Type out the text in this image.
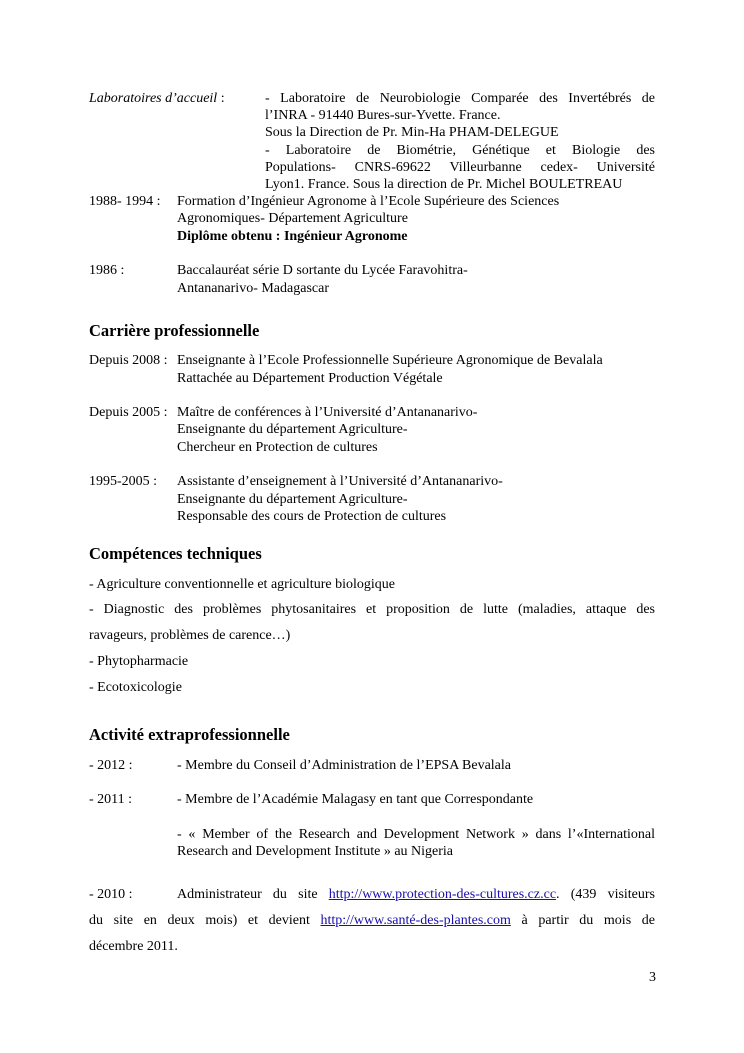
Laboratoires d’accueil :	- Laboratoire de Neurobiologie Comparée des Invertébrés de
l’INRA - 91440 Bures-sur-Yvette. France.
Sous la Direction de Pr. Min-Ha PHAM-DELEGUE
- Laboratoire de Biométrie, Génétique et Biologie des
Populations- CNRS-69622 Villeurbanne cedex- Université
Lyon1. France. Sous la direction de Pr. Michel BOULETREAU
1988- 1994 : Formation d’Ingénieur Agronome à l’Ecole Supérieure des Sciences
Agronomiques- Département Agriculture
Diplôme obtenu : Ingénieur Agronome
1986 :	Baccalauréat série D sortante du Lycée Faravohitra-
Antananarivo- Madagascar
Carrière professionnelle
Depuis 2008 : Enseignante à l’Ecole Professionnelle Supérieure Agronomique de Bevalala
Rattachée au Département Production Végétale
Depuis 2005 : Maître de conférences à l’Université d’Antananarivo-
Enseignante du département Agriculture-
Chercheur en Protection de cultures
1995-2005 : Assistante d’enseignement à l’Université d’Antananarivo-
Enseignante du département Agriculture-
Responsable des cours de Protection de cultures
Compétences techniques
- Agriculture conventionnelle et agriculture biologique
- Diagnostic des problèmes phytosanitaires et proposition de lutte (maladies, attaque des
ravageurs, problèmes de carence…)
- Phytopharmacie
- Ecotoxicologie
Activité extraprofessionnelle
- 2012 :	- Membre du Conseil d’Administration de l’EPSA Bevalala
- 2011 :	- Membre de l’Académie Malagasy en tant que Correspondante
- « Member of the Research and Development Network » dans l’«International
Research and Development Institute » au Nigeria
- 2010 :	Administrateur du site http://www.protection-des-cultures.cz.cc. (439 visiteurs
du site en deux mois) et devient http://www.santé-des-plantes.com à partir du mois de
décembre 2011.
3
